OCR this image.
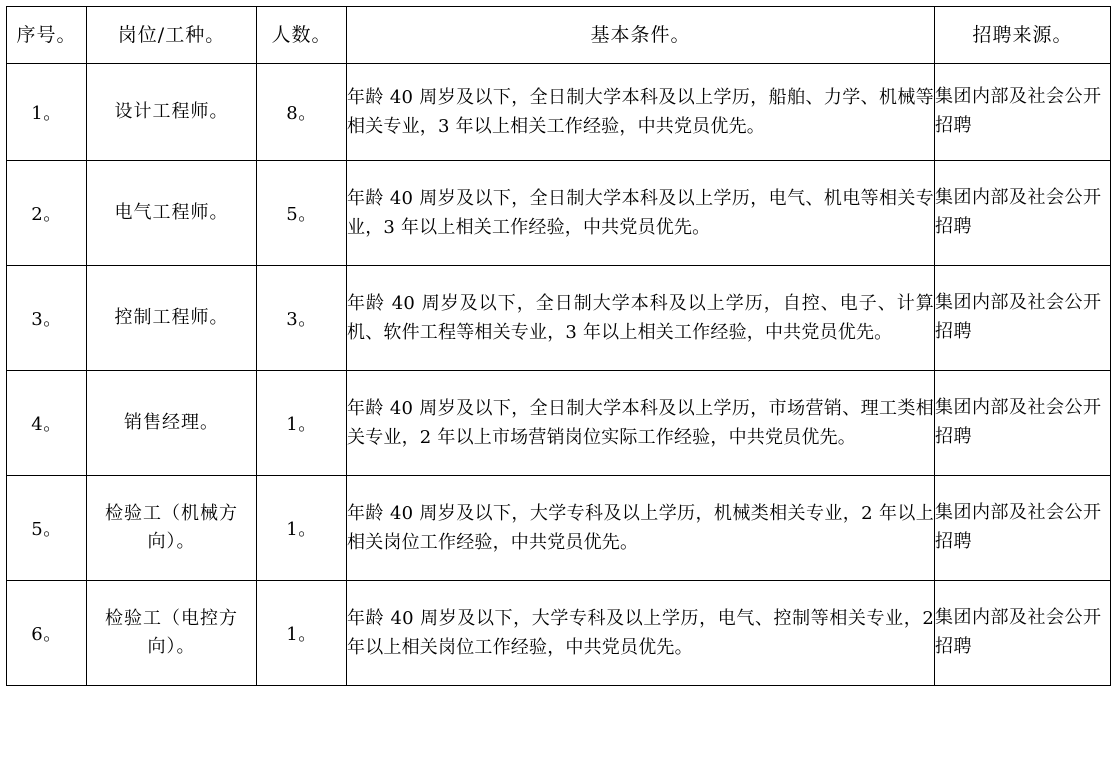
序号。	岗位/工种。	人数。	基本条件。	招聘来源。

1。	设计工程师。	8。	年龄 40 周岁及以下，全日制大学本科及以上学历，船舶、力学、机械等相关专业，3 年以上相关工作经验，中共党员优先。	集团内部及社会公开招聘
2。	电气工程师。	5。	年龄 40 周岁及以下，全日制大学本科及以上学历，电气、机电等相关专业，3 年以上相关工作经验，中共党员优先。	集团内部及社会公开招聘
3。	控制工程师。	3。	年龄 40 周岁及以下，全日制大学本科及以上学历，自控、电子、计算机、软件工程等相关专业，3 年以上相关工作经验，中共党员优先。	集团内部及社会公开招聘
4。	销售经理。	1。	年龄 40 周岁及以下，全日制大学本科及以上学历，市场营销、理工类相关专业，2 年以上市场营销岗位实际工作经验，中共党员优先。	集团内部及社会公开招聘
5。	检验工（机械方向）。	1。	年龄 40 周岁及以下，大学专科及以上学历，机械类相关专业，2 年以上相关岗位工作经验，中共党员优先。	集团内部及社会公开招聘
6。	检验工（电控方向）。	1。	年龄 40 周岁及以下，大学专科及以上学历，电气、控制等相关专业，2 年以上相关岗位工作经验，中共党员优先。	集团内部及社会公开招聘
